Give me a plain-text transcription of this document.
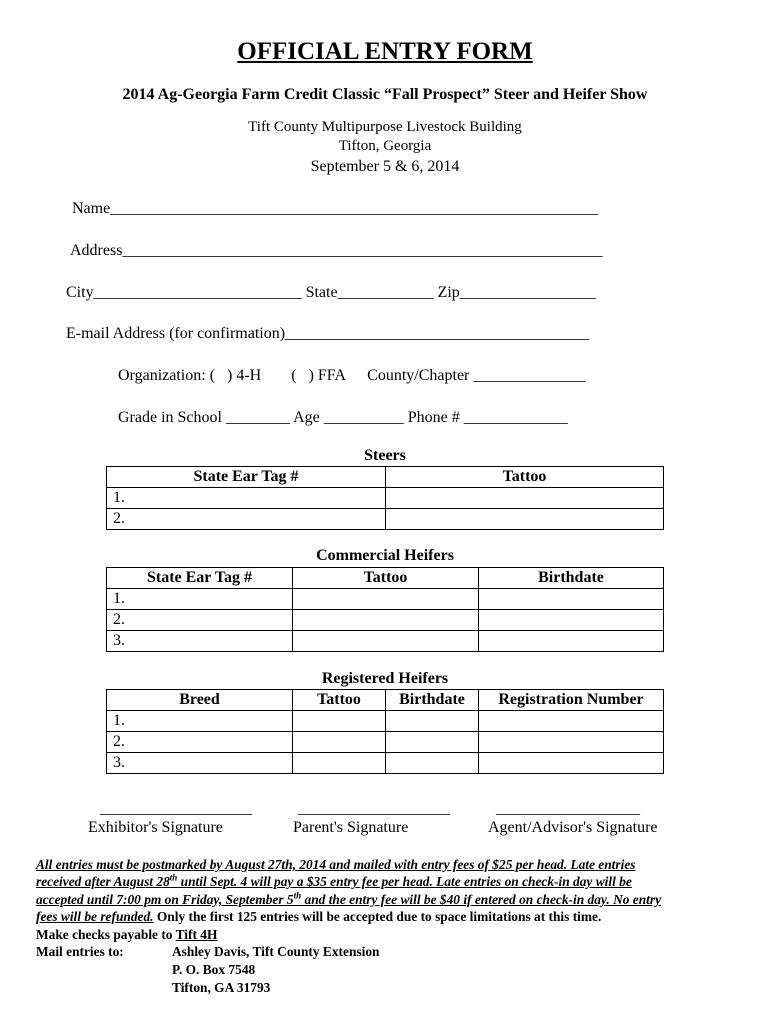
OFFICIAL ENTRY FORM
2014 Ag-Georgia Farm Credit Classic “Fall Prospect” Steer and Heifer Show
Tift County Multipurpose Livestock Building
Tifton, Georgia
September 5 & 6, 2014
Name_____________________________________________________________
Address____________________________________________________________
City__________________________ State____________ Zip_________________
E-mail Address (for confirmation)______________________________________
Organization: (   ) 4-H (   ) FFA County/Chapter ______________
Grade in School ________ Age __________ Phone # _____________
Steers
State Ear Tag #	Tattoo
1.	
2.	
Commercial Heifers
State Ear Tag #	Tattoo	Birthdate
1.		
2.		
3.		
Registered Heifers
Breed	Tattoo	Birthdate	Registration Number
1.			
2.			
3.			
___________________	___________________	__________________
Exhibitor's Signature	Parent's Signature	Agent/Advisor's Signature
All entries must be postmarked by August 27th, 2014 and mailed with entry fees of $25 per head. Late entries
received after August 28th until Sept. 4 will pay a $35 entry fee per head. Late entries on check-in day will be
accepted until 7:00 pm on Friday, September 5th and the entry fee will be $40 if entered on check-in day. No entry
fees will be refunded. Only the first 125 entries will be accepted due to space limitations at this time.
Make checks payable to Tift 4H
Mail entries to:	Ashley Davis, Tift County Extension
P. O. Box 7548
Tifton, GA 31793
